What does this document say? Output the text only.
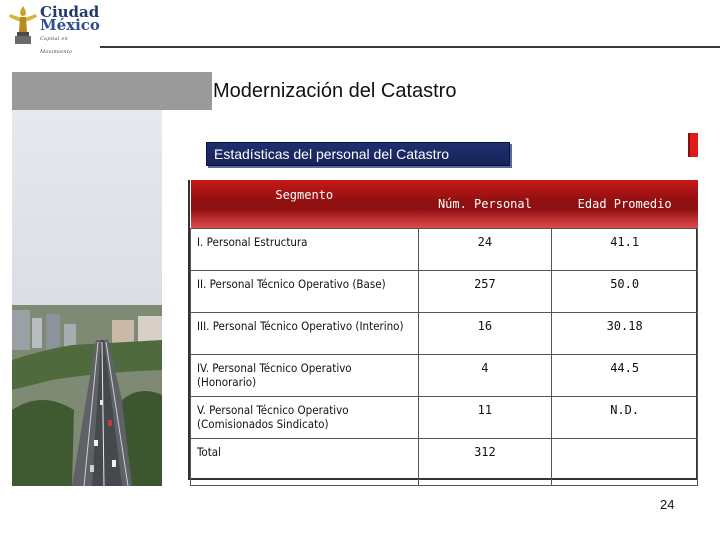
Ciudad
México
Capital en Movimiento
Modernización del Catastro
Estadísticas del personal del Catastro
Segmento	Núm. Personal	Edad Promedio
I. Personal Estructura	24	41.1
II. Personal Técnico Operativo (Base)	257	50.0
III. Personal Técnico Operativo (Interino)	16	30.18
IV. Personal Técnico Operativo (Honorario)	4	44.5
V. Personal Técnico Operativo (Comisionados Sindicato)	11	N.D.
Total	312	
24
